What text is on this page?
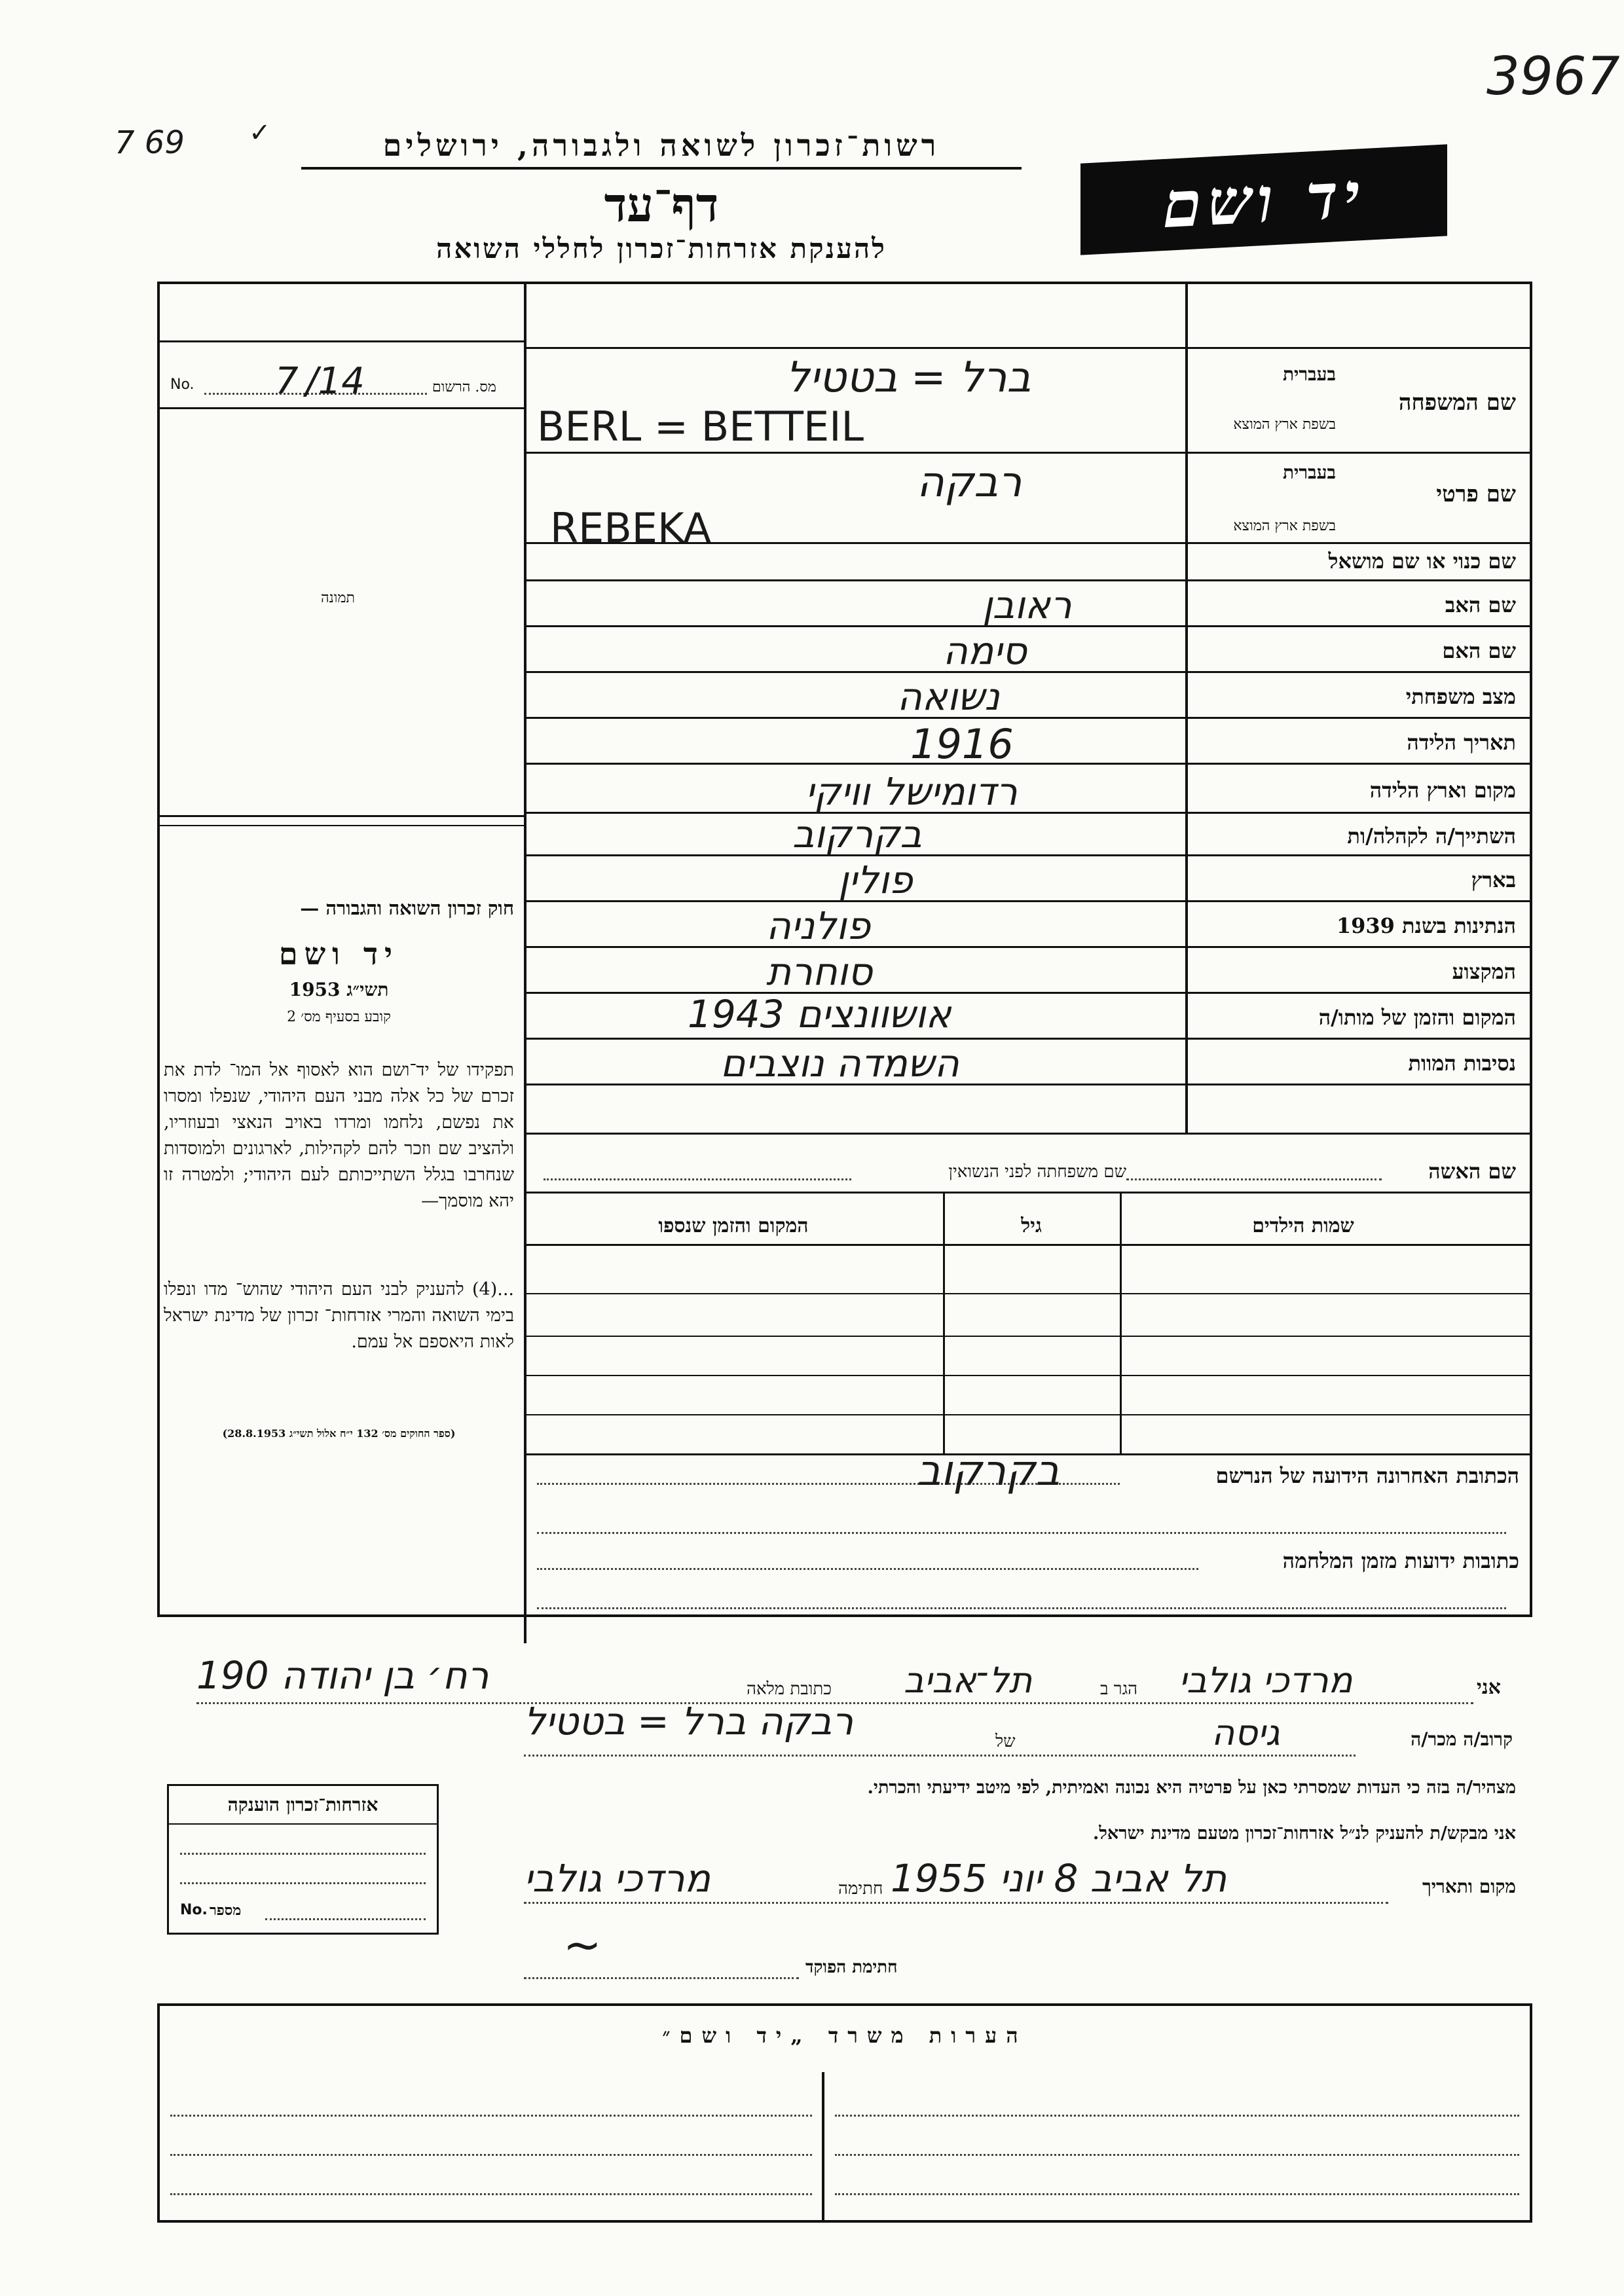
7 69 ✓
3967
רשות־זכרון לשואה ולגבורה, ירושלים
דף־עד
להענקת אזרחות־זכרון לחללי השואה
יד ושם
No. 7 /14	מס. הרשום
תמונה
שם המשפחה
בעברית
בשפת ארץ המוצא
ברל = בטטיל
BERL = BETTEIL
שם פרטי
בעברית
בשפת ארץ המוצא
רבקה
REBEKA
שם כנוי או שם מושאל
שם האב
ראובן
שם האם
סימה
מצב משפחתי
נשואה
תאריך הלידה
1916
מקום וארץ הלידה
רדומישל וויקי
השתייך/ה לקהלה/ות
בקרקוב
בארץ
פולין
הנתינות בשנת 1939
פולניה
המקצוע
סוחרת
המקום והזמן של מותו/ה
אושוונצים 1943
נסיבות המוות
השמדה נוצבים
שם האשה
שם משפחתה לפני הנשואין
שמות הילדים
גיל
המקום והזמן שנספו
חוק זכרון השואה והגבורה —
יד ושם
תשי״ג 1953
קובע בסעיף מס׳ 2
תפקידו של יד־ושם הוא לאסוף אל המו־ לדת את זכרם של כל אלה מבני העם היהודי, שנפלו ומסרו את נפשם, נלחמו ומרדו באויב הנאצי ובעוזריו, ולהציב שם וזכר להם לקהילות, לארגונים ולמוסדות שנחרבו בגלל השתייכותם לעם היהודי; ולמטרה זו יהא מוסמך—
...(4) להעניק לבני העם היהודי שהוש־ מדו ונפלו בימי השואה והמרי אזרחות־ זכרון של מדינת ישראל לאות היאספם אל עמם.
(ספר החוקים מס׳ 132 י״ח אלול תשי״ג 28.8.1953)
הכתובת האחרונה הידועה של הנרשם
בקרקוב
כתובות ידועות מזמן המלחמה
אני
מרדכי גולבי
הגר ב
תל־אביב
כתובת מלאה
רח׳ בן יהודה 190
קרוב/ה מכר/ה
גיסה
של
רבקה ברל = בטטיל
מצהיר/ה בזה כי העדות שמסרתי כאן על פרטיה היא נכונה ואמיתית, לפי מיטב ידיעתי והכרתי.
אני מבקש/ת להעניק לנ״ל אזרחות־זכרון מטעם מדינת ישראל.
מקום ותאריך
תל אביב 8 יוני 1955
חתימה
מרדכי גולבי
~	חתימת הפוקד
אזרחות־זכרון הוענקה
No. מספר
הערות משרד „יד ושם״
